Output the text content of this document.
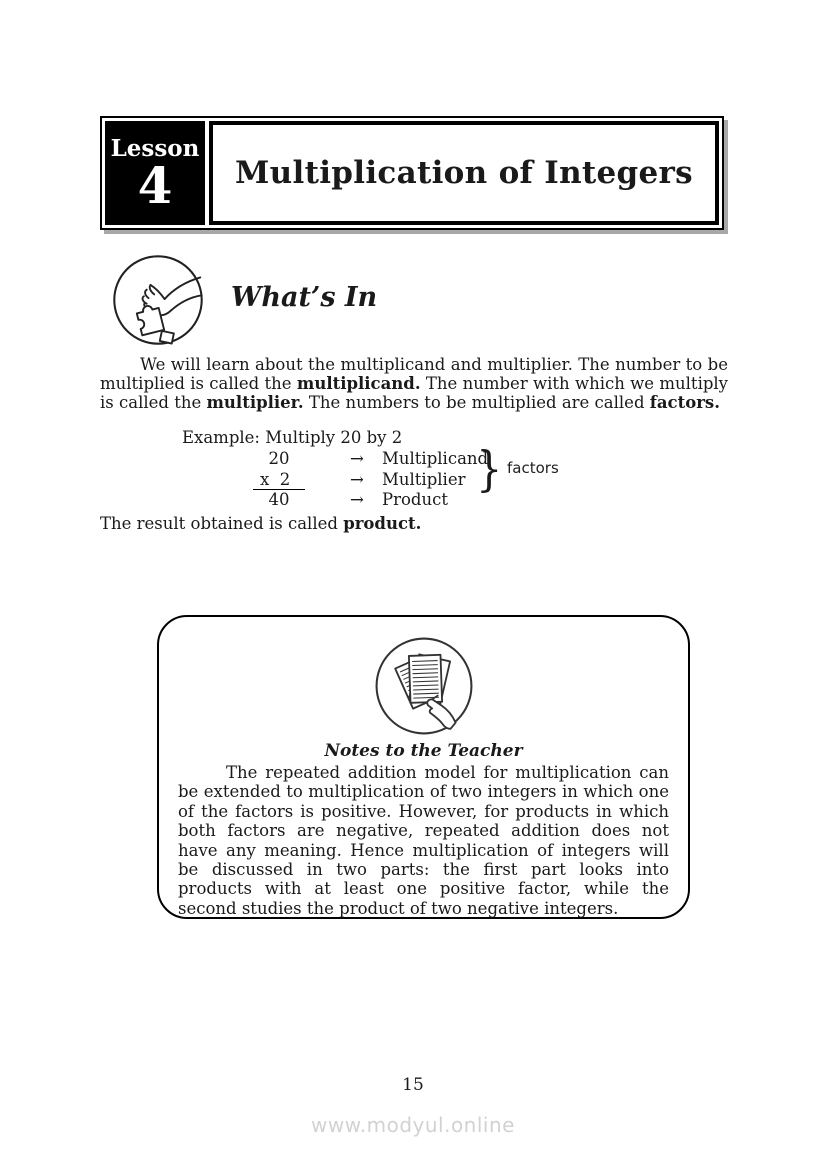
Lesson
4 Multiplication of Integers
What’s In

We will learn about the multiplicand and multiplier. The number to be multiplied is called the multiplicand. The number with which we multiply is called the multiplier. The numbers to be multiplied are called factors.

Example: Multiply 20 by 2
20	→	Multiplicand
x  2	→	Multiplier
40	→	Product
} factors

The result obtained is called product.

Notes to the Teacher

The repeated addition model for multiplication can be extended to multiplication of two integers in which one of the factors is positive. However, for products in which both factors are negative, repeated addition does not have any meaning. Hence multiplication of integers will be discussed in two parts: the first part looks into products with at least one positive factor, while the second studies the product of two negative integers.

15
www.modyul.online
